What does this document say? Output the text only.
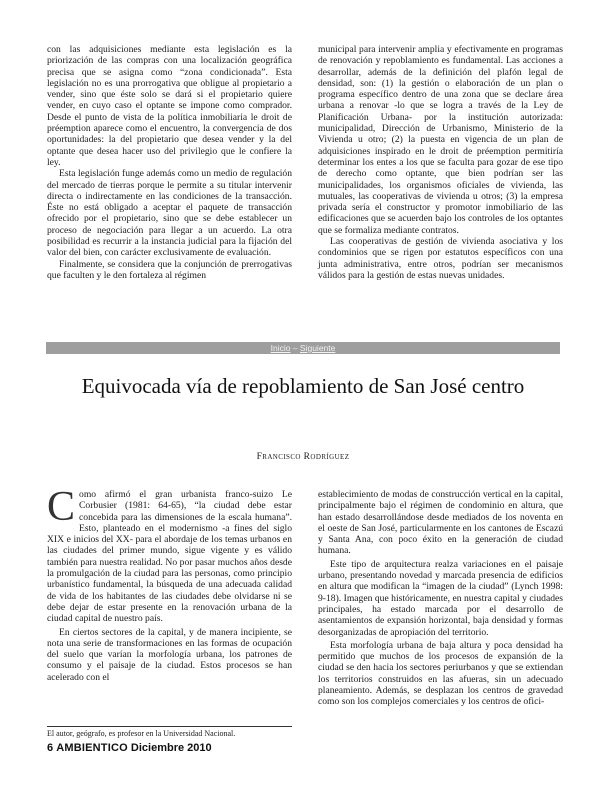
con las adquisiciones mediante esta legislación es la priorización de las compras con una localización geográfica precisa que se asigna como “zona condicionada”. Esta legislación no es una prorrogativa que obligue al propietario a vender, sino que éste solo se dará si el propietario quiere vender, en cuyo caso el optante se impone como comprador. Desde el punto de vista de la política inmobiliaria le droit de préemption aparece como el encuentro, la convergencia de dos oportunidades: la del propietario que desea vender y la del optante que desea hacer uso del privilegio que le confiere la ley.

Esta legislación funge además como un medio de regulación del mercado de tierras porque le permite a su titular intervenir directa o indirectamente en las condiciones de la transacción. Éste no está obligado a aceptar el paquete de transacción ofrecido por el propietario, sino que se debe establecer un proceso de negociación para llegar a un acuerdo. La otra posibilidad es recurrir a la instancia judicial para la fijación del valor del bien, con carácter exclusivamente de evaluación.

Finalmente, se considera que la conjunción de prerrogativas que faculten y le den fortaleza al régimen

municipal para intervenir amplia y efectivamente en programas de renovación y repoblamiento es fundamental. Las acciones a desarrollar, además de la definición del plafón legal de densidad, son: (1) la gestión o elaboración de un plan o programa específico dentro de una zona que se declare área urbana a renovar -lo que se logra a través de la Ley de Planificación Urbana- por la institución autorizada: municipalidad, Dirección de Urbanismo, Ministerio de la Vivienda u otro; (2) la puesta en vigencia de un plan de adquisiciones inspirado en le droit de préemption permitiría determinar los entes a los que se faculta para gozar de ese tipo de derecho como optante, que bien podrían ser las municipalidades, los organismos oficiales de vivienda, las mutuales, las cooperativas de vivienda u otros; (3) la empresa privada sería el constructor y promotor inmobiliario de las edificaciones que se acuerden bajo los controles de los optantes que se formaliza mediante contratos.

Las cooperativas de gestión de vivienda asociativa y los condominios que se rigen por estatutos específicos con una junta administrativa, entre otros, podrían ser mecanismos válidos para la gestión de estas nuevas unidades.

Inicio – Siguiente
Equivocada vía de repoblamiento de San José centro
Francisco Rodríguez

Como afirmó el gran urbanista franco-suizo Le Corbusier (1981: 64-65), “la ciudad debe estar concebida para las dimensiones de la escala humana”. Esto, planteado en el modernismo -a fines del siglo XIX e inicios del XX- para el abordaje de los temas urbanos en las ciudades del primer mundo, sigue vigente y es válido también para nuestra realidad. No por pasar muchos años desde la promulgación de la ciudad para las personas, como principio urbanístico fundamental, la búsqueda de una adecuada calidad de vida de los habitantes de las ciudades debe olvidarse ni se debe dejar de estar presente en la renovación urbana de la ciudad capital de nuestro país.

En ciertos sectores de la capital, y de manera incipiente, se nota una serie de transformaciones en las formas de ocupación del suelo que varían la morfología urbana, los patrones de consumo y el paisaje de la ciudad. Estos procesos se han acelerado con el

establecimiento de modas de construcción vertical en la capital, principalmente bajo el régimen de condominio en altura, que han estado desarrollándose desde mediados de los noventa en el oeste de San José, particularmente en los cantones de Escazú y Santa Ana, con poco éxito en la generación de ciudad humana.

Este tipo de arquitectura realza variaciones en el paisaje urbano, presentando novedad y marcada presencia de edificios en altura que modifican la “imagen de la ciudad” (Lynch 1998: 9-18). Imagen que históricamente, en nuestra capital y ciudades principales, ha estado marcada por el desarrollo de asentamientos de expansión horizontal, baja densidad y formas desorganizadas de apropiación del territorio.

Esta morfología urbana de baja altura y poca densidad ha permitido que muchos de los procesos de expansión de la ciudad se den hacia los sectores periurbanos y que se extiendan los territorios construidos en las afueras, sin un adecuado planeamiento. Además, se desplazan los centros de gravedad como son los complejos comerciales y los centros de ofici-

El autor, geógrafo, es profesor en la Universidad Nacional.
6 AMBIENTICO Diciembre 2010
